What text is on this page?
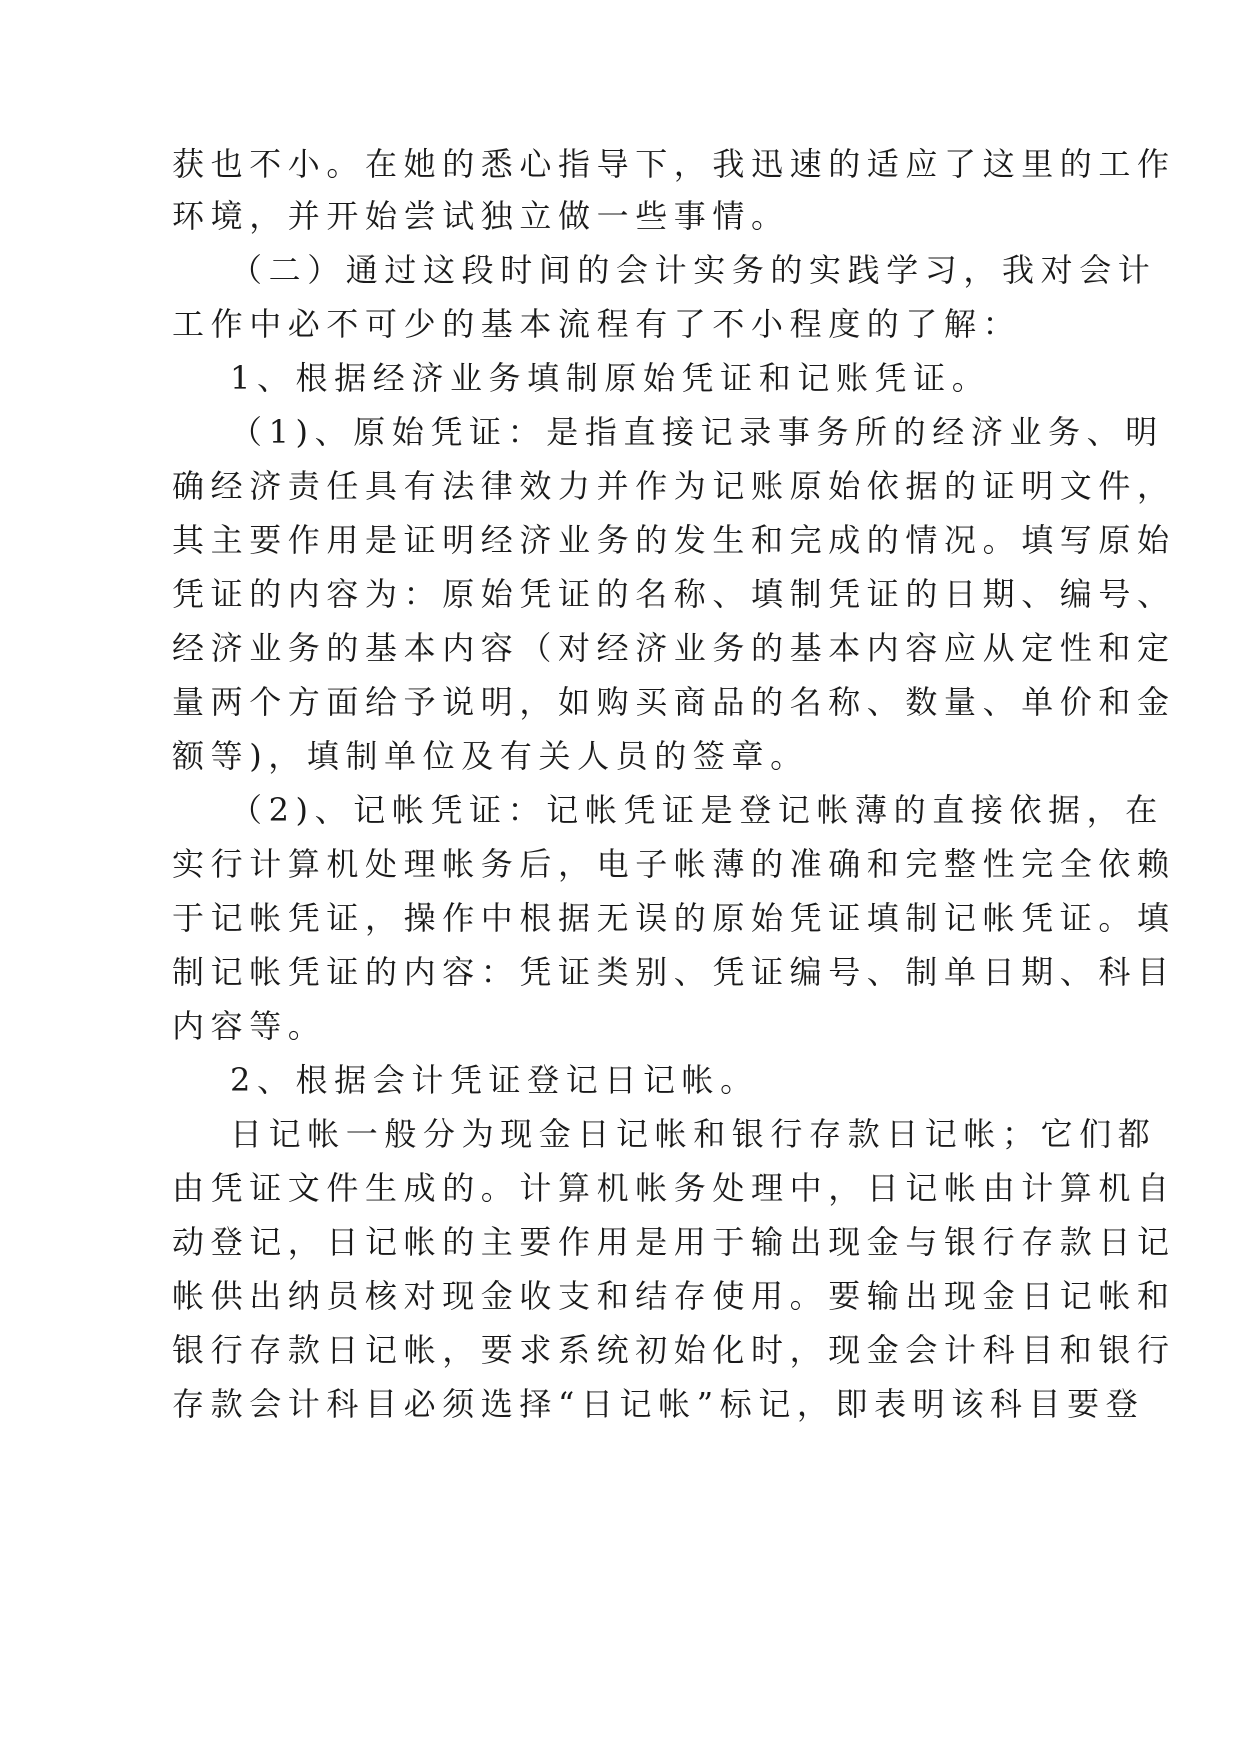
获也不小。在她的悉心指导下，我迅速的适应了这里的工作
环境，并开始尝试独立做一些事情。
（二）通过这段时间的会计实务的实践学习，我对会计
工作中必不可少的基本流程有了不小程度的了解：
1、根据经济业务填制原始凭证和记账凭证。
（1)、原始凭证：是指直接记录事务所的经济业务、明
确经济责任具有法律效力并作为记账原始依据的证明文件，
其主要作用是证明经济业务的发生和完成的情况。填写原始
凭证的内容为：原始凭证的名称、填制凭证的日期、编号、
经济业务的基本内容（对经济业务的基本内容应从定性和定
量两个方面给予说明，如购买商品的名称、数量、单价和金
额等)，填制单位及有关人员的签章。
（2)、记帐凭证：记帐凭证是登记帐薄的直接依据，在
实行计算机处理帐务后，电子帐薄的准确和完整性完全依赖
于记帐凭证，操作中根据无误的原始凭证填制记帐凭证。填
制记帐凭证的内容：凭证类别、凭证编号、制单日期、科目
内容等。
2、根据会计凭证登记日记帐。
日记帐一般分为现金日记帐和银行存款日记帐；它们都
由凭证文件生成的。计算机帐务处理中，日记帐由计算机自
动登记，日记帐的主要作用是用于输出现金与银行存款日记
帐供出纳员核对现金收支和结存使用。要输出现金日记帐和
银行存款日记帐，要求系统初始化时，现金会计科目和银行
存款会计科目必须选择“日记帐”标记，即表明该科目要登
